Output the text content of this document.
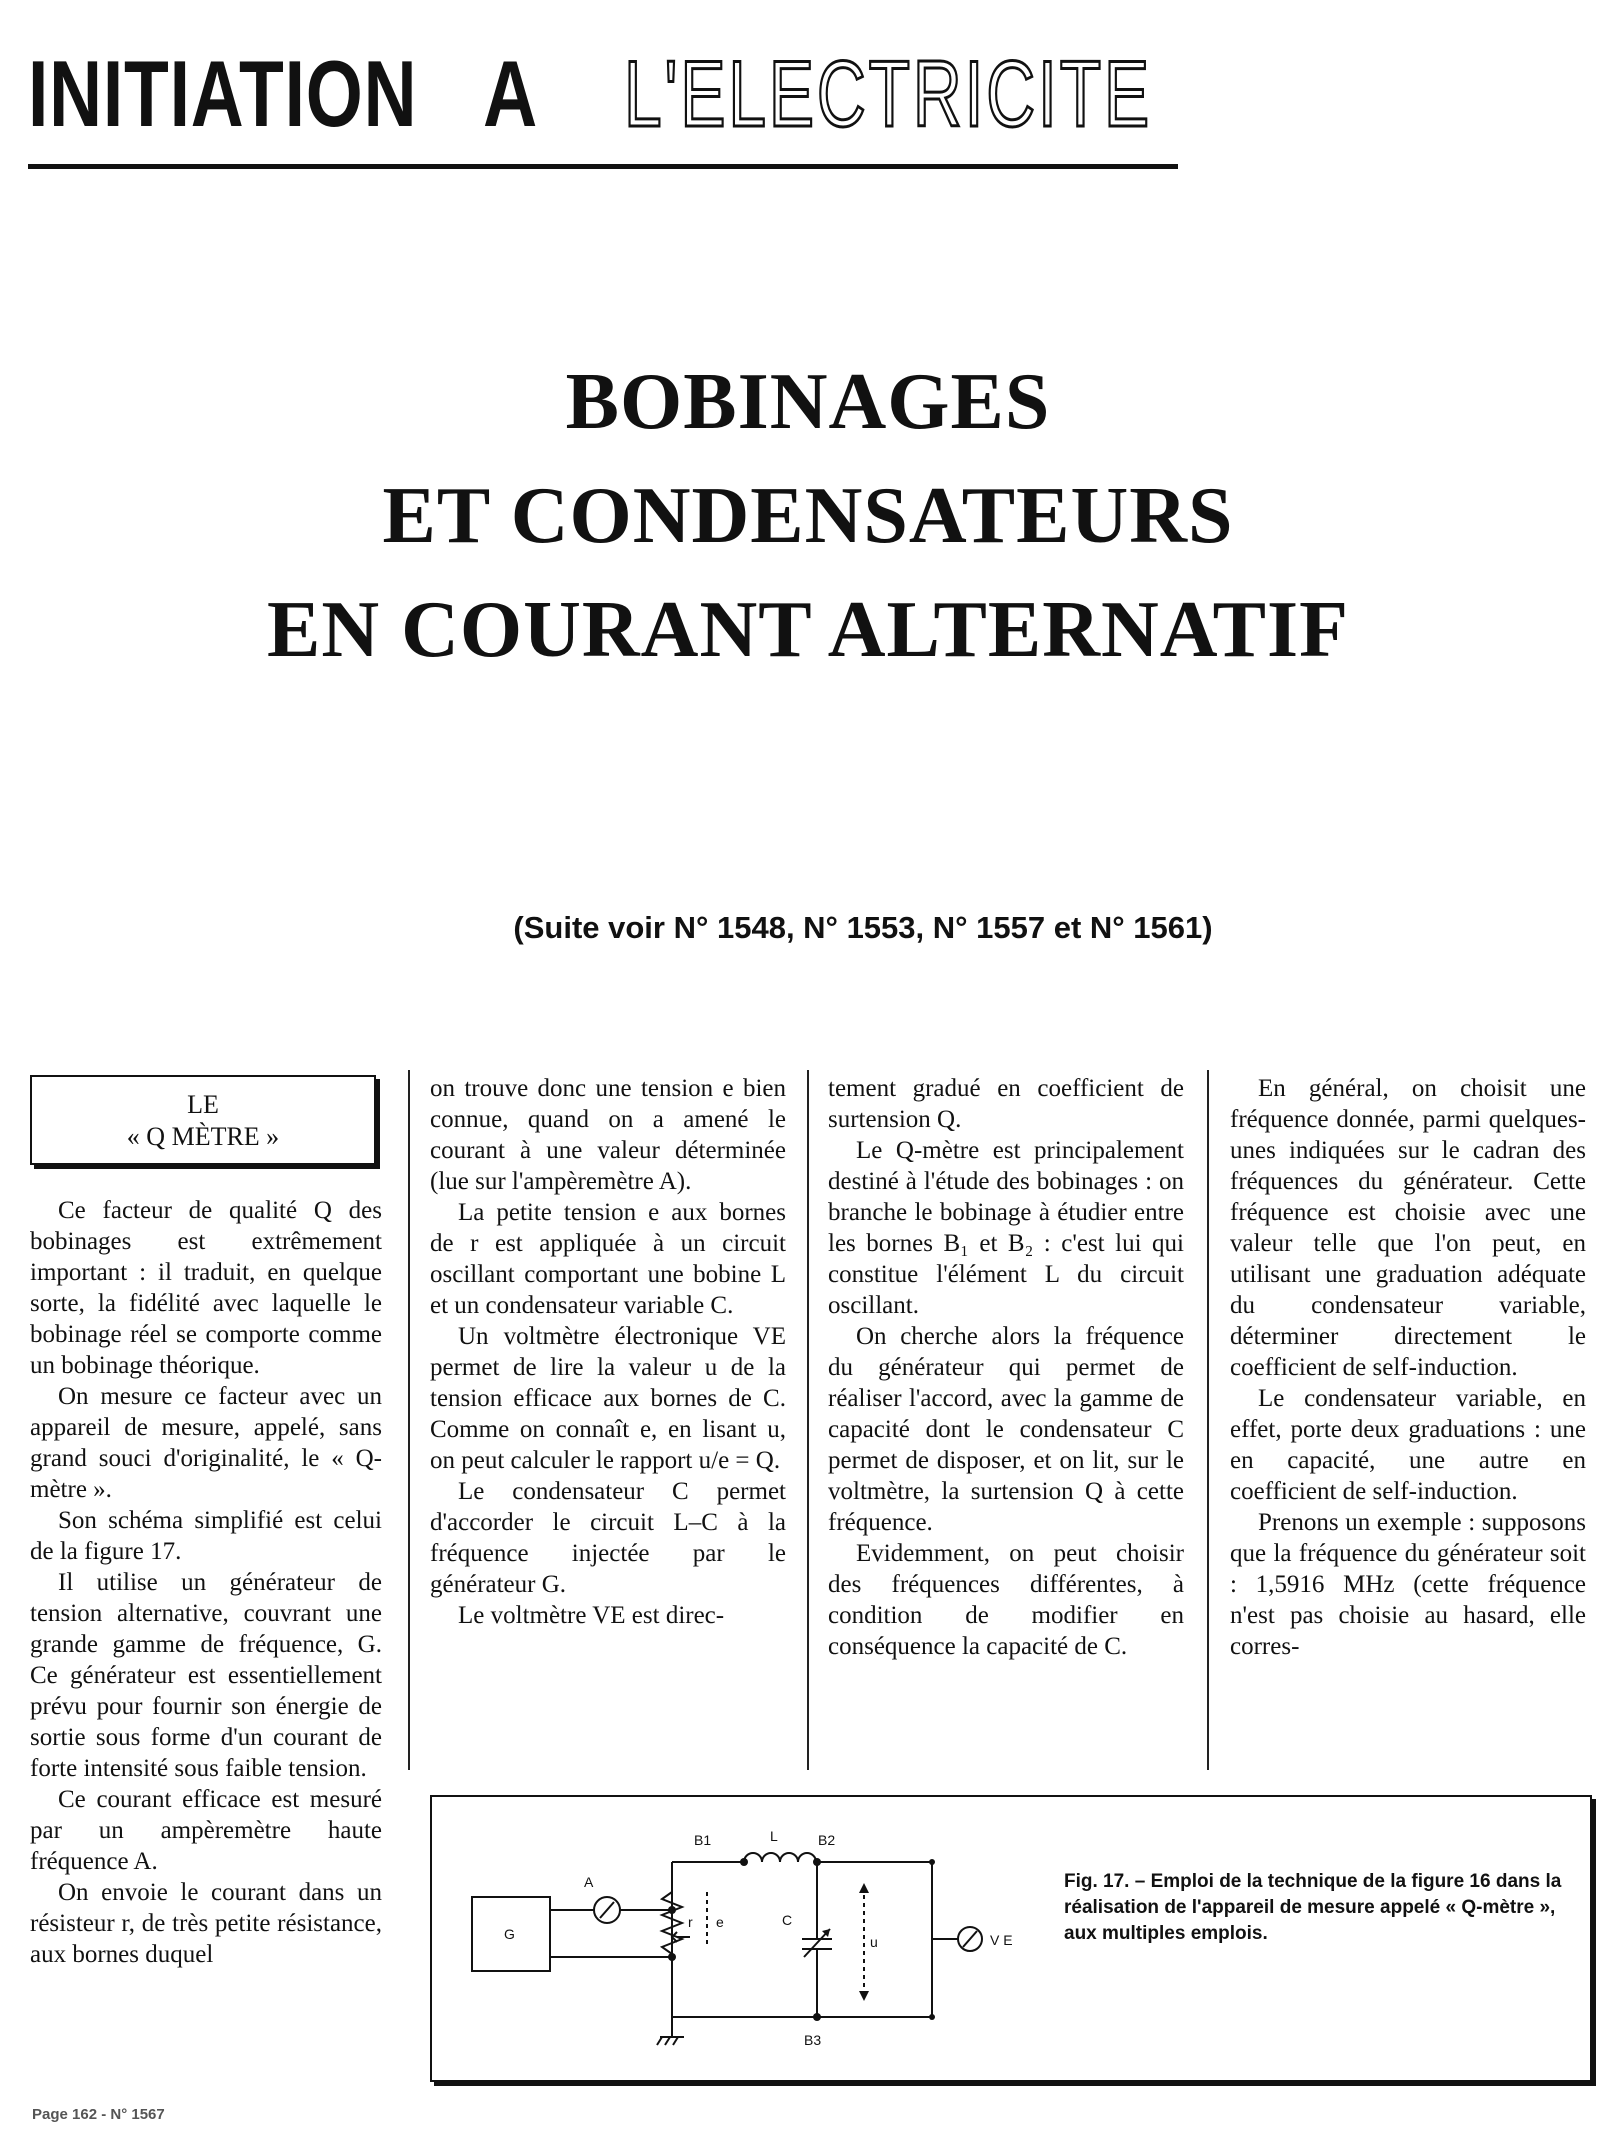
INITIATION A L'ELECTRICITE
BOBINAGES
ET CONDENSATEURS
EN COURANT ALTERNATIF
(Suite voir N° 1548, N° 1553, N° 1557 et N° 1561)
LE
« Q MÈTRE »

Ce facteur de qualité Q des bobinages est extrêmement important : il traduit, en quelque sorte, la fidélité avec laquelle le bobinage réel se comporte comme un bobinage théorique.

On mesure ce facteur avec un appareil de mesure, appelé, sans grand souci d'originalité, le « Q-mètre ».

Son schéma simplifié est celui de la figure 17.

Il utilise un générateur de tension alternative, couvrant une grande gamme de fréquence, G. Ce générateur est essentiellement prévu pour fournir son énergie de sortie sous forme d'un courant de forte intensité sous faible tension.

Ce courant efficace est mesuré par un ampèremètre haute fréquence A.

On envoie le courant dans un résisteur r, de très petite résistance, aux bornes duquel

on trouve donc une tension e bien connue, quand on a amené le courant à une valeur déterminée (lue sur l'ampèremètre A).

La petite tension e aux bornes de r est appliquée à un circuit oscillant comportant une bobine L et un condensateur variable C.

Un voltmètre électronique VE permet de lire la valeur u de la tension efficace aux bornes de C. Comme on connaît e, en lisant u, on peut calculer le rapport u/e = Q.

Le condensateur C permet d'accorder le circuit L–C à la fréquence injectée par le générateur G.

Le voltmètre VE est direc-

tement gradué en coefficient de surtension Q.

Le Q-mètre est principalement destiné à l'étude des bobinages : on branche le bobinage à étudier entre les bornes B₁ et B₂ : c'est lui qui constitue l'élément L du circuit oscillant.

On cherche alors la fréquence du générateur qui permet de réaliser l'accord, avec la gamme de capacité dont le condensateur C permet de disposer, et on lit, sur le voltmètre, la surtension Q à cette fréquence.

Evidemment, on peut choisir des fréquences différentes, à condition de modifier en conséquence la capacité de C.

En général, on choisit une fréquence donnée, parmi quelques-unes indiquées sur le cadran des fréquences du générateur. Cette fréquence est choisie avec une valeur telle que l'on peut, en utilisant une graduation adéquate du condensateur variable, déterminer directement le coefficient de self-induction.

Le condensateur variable, en effet, porte deux graduations : une en capacité, une autre en coefficient de self-induction.

Prenons un exemple : supposons que la fréquence du générateur soit : 1,5916 MHz (cette fréquence n'est pas choisie au hasard, elle corres-

G
A
B1	L	B2
r e	C
u	V E
B3
Fig. 17. – Emploi de la technique de la figure 16 dans la réalisation de l'appareil de mesure appelé « Q-mètre », aux multiples emplois.
Page 162 - N° 1567
